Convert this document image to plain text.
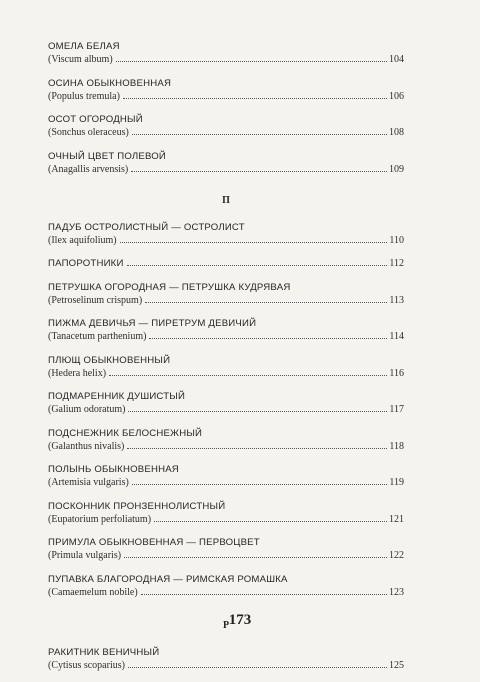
ОМЕЛА БЕЛАЯ
(Viscum album)	104
ОСИНА ОБЫКНОВЕННАЯ
(Populus tremula)	106
ОСОТ ОГОРОДНЫЙ
(Sonchus oleraceus)	108
ОЧНЫЙ ЦВЕТ ПОЛЕВОЙ
(Anagallis arvensis)	109
П
ПАДУБ ОСТРОЛИСТНЫЙ — ОСТРОЛИСТ
(Ilex aquifolium)	110
ПАПОРОТНИКИ	112
ПЕТРУШКА ОГОРОДНАЯ — ПЕТРУШКА КУДРЯВАЯ
(Petroselinum crispum)	113
ПИЖМА ДЕВИЧЬЯ — ПИРЕТРУМ ДЕВИЧИЙ
(Tanacetum parthenium)	114
ПЛЮЩ ОБЫКНОВЕННЫЙ
(Hedera helix)	116
ПОДМАРЕННИК ДУШИСТЫЙ
(Galium odoratum)	117
ПОДСНЕЖНИК БЕЛОСНЕЖНЫЙ
(Galanthus nivalis)	118
ПОЛЫНЬ ОБЫКНОВЕННАЯ
(Artemisia vulgaris)	119
ПОСКОННИК ПРОНЗЕННОЛИСТНЫЙ
(Eupatorium perfoliatum)	121
ПРИМУЛА ОБЫКНОВЕННАЯ — ПЕРВОЦВЕТ
(Primula vulgaris)	122
ПУПАВКА БЛАГОРОДНАЯ — РИМСКАЯ РОМАШКА
(Camaemelum nobile)	123
Р
РАКИТНИК ВЕНИЧНЫЙ
(Cytisus scoparius)	125
173
